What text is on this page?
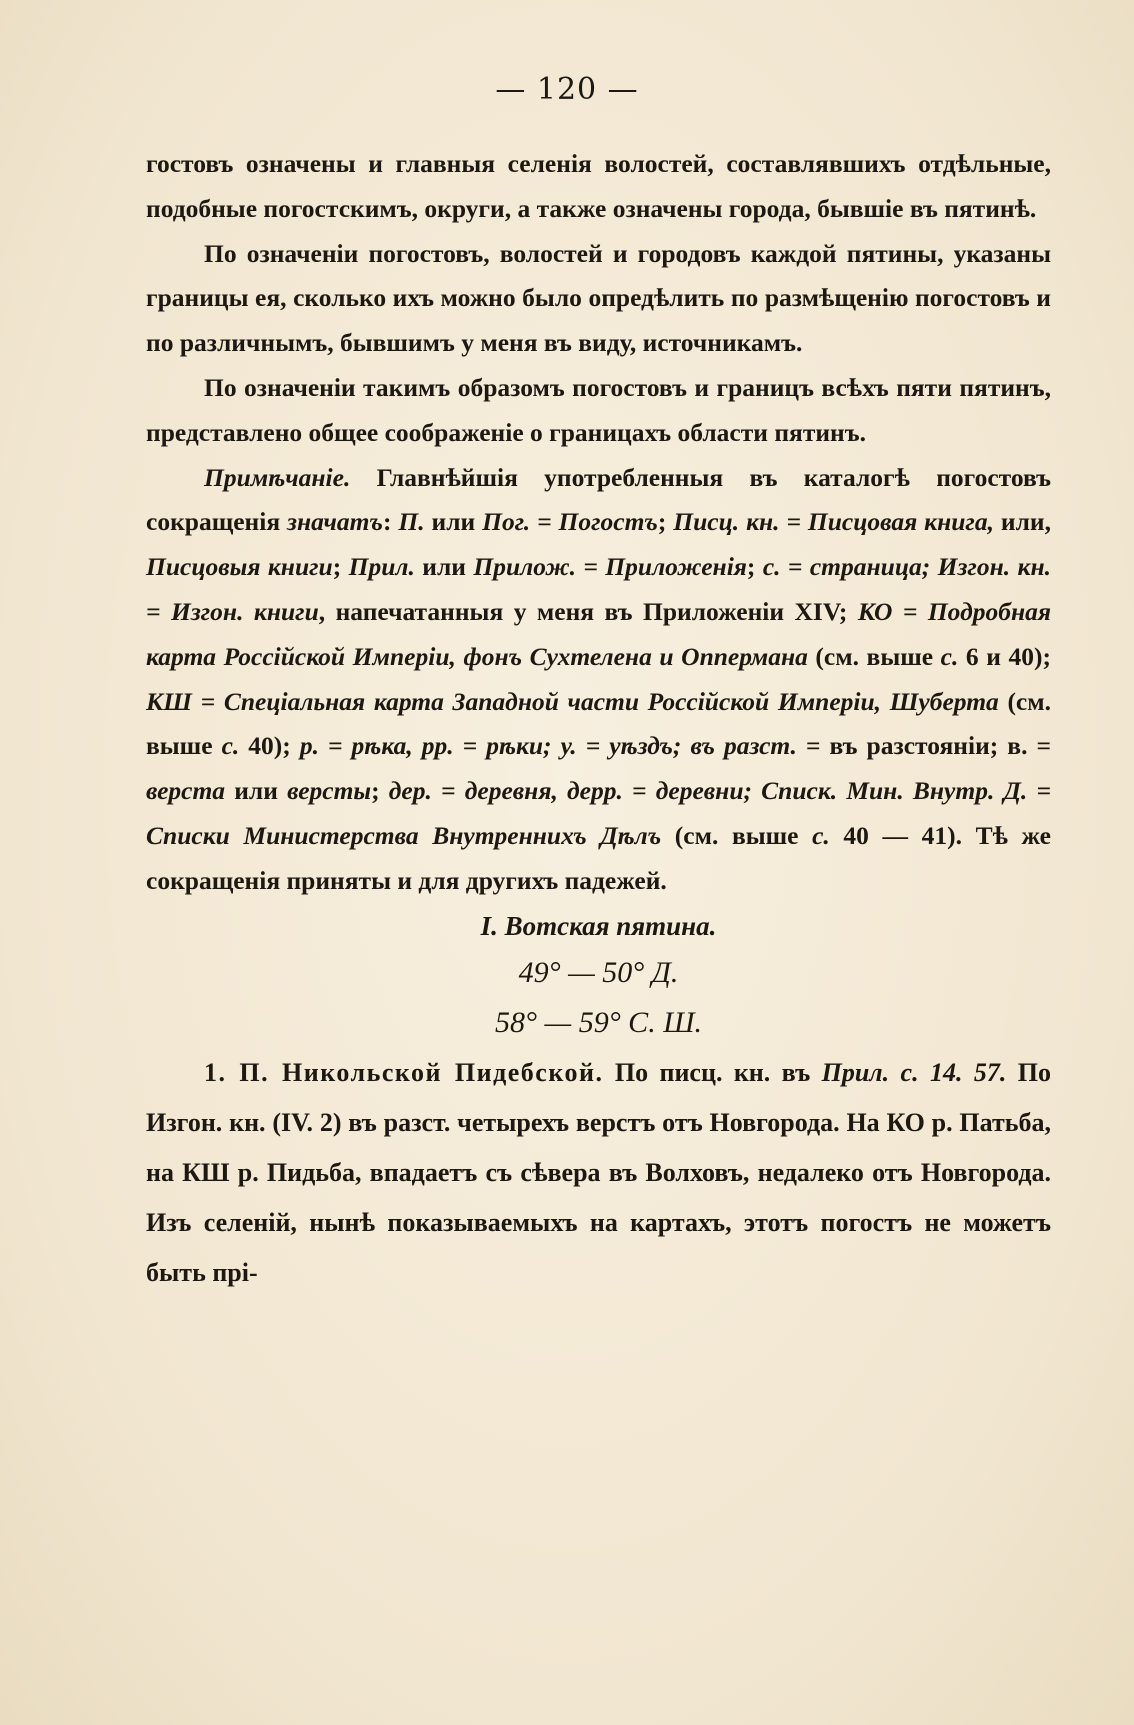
— 120 —

гостовъ означены и главныя селенія волостей, составлявшихъ отдѣльные, подобные погостскимъ, округи, а также означены города, бывшіе въ пятинѣ.

По означеніи погостовъ, волостей и городовъ каждой пятины, указаны границы ея, сколько ихъ можно было опредѣлить по размѣщенію погостовъ и по различнымъ, бывшимъ у меня въ виду, источникамъ.

По означеніи такимъ образомъ погостовъ и границъ всѣхъ пяти пятинъ, представлено общее соображеніе о границахъ области пятинъ.

Примѣчаніе. Главнѣйшія употребленныя въ каталогѣ погостовъ сокращенія значатъ: П. или Пог. = Погостъ; Писц. кн. = Писцовая книга, или, Писцовыя книги; Прил. или Прилож. = Приложенія; с. = страница; Изгон. кн. = Изгон. книги, напечатанныя у меня въ Приложеніи XIV; КО = Подробная карта Россійской Имперіи, фонъ Сухтелена и Оппермана (см. выше с. 6 и 40); КШ = Спеціальная карта Западной части Россійской Имперіи, Шуберта (см. выше с. 40); р. = рѣка, рр. = рѣки; у. = уѣздъ; въ разст. = въ разстояніи; в. = верста или версты; дер. = деревня, дерр. = деревни; Списк. Мин. Внутр. Д. = Списки Министерства Внутреннихъ Дѣлъ (см. выше с. 40 — 41). Тѣ же сокращенія приняты и для другихъ падежей.

I. Вотская пятина.

49° — 50° Д.
58° — 59° С. Ш.

1. П. Никольской Пидебской. По писц. кн. въ Прил. с. 14. 57. По Изгон. кн. (IV. 2) въ разст. четырехъ верстъ отъ Новгорода. На КО р. Патьба, на КШ р. Пидьба, впадаетъ съ сѣвера въ Волховъ, недалеко отъ Новгорода. Изъ селеній, нынѣ показываемыхъ на картахъ, этотъ погостъ не можетъ быть прі-
